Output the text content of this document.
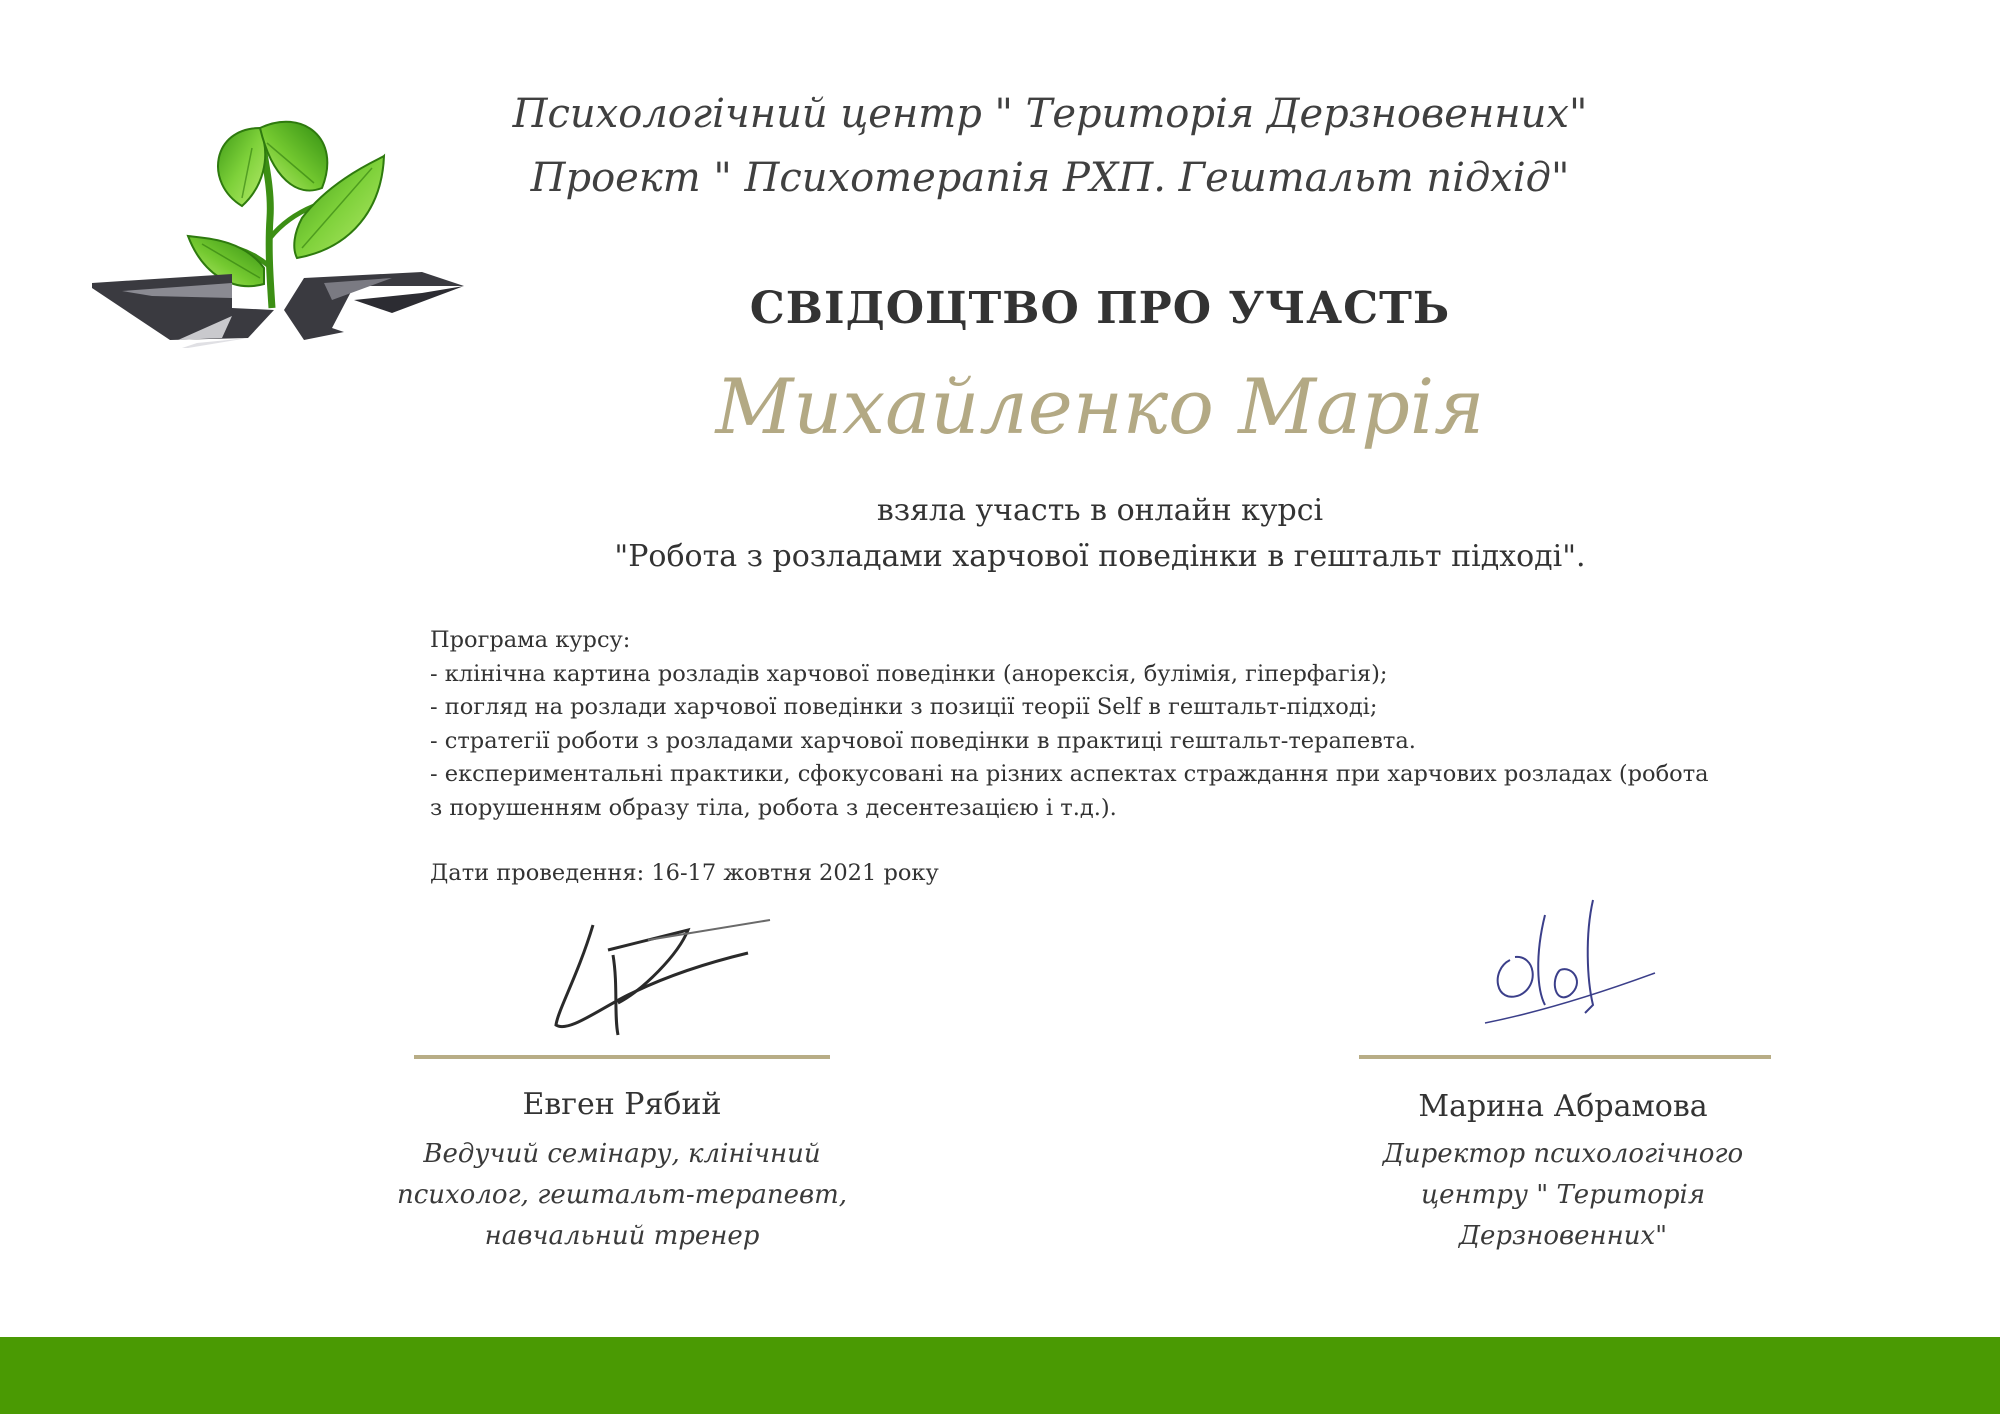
Психологічний центр " Територія Дерзновенних"
Проект " Психотерапія РХП. Гештальт підхід"
СВІДОЦТВО ПРО УЧАСТЬ
Михайленко Марія
взяла участь в онлайн курсі
"Робота з розладами харчової поведінки в гештальт підході".
Програма курсу:
- клінічна картина розладів харчової поведінки (анорексія, булімія, гіперфагія);
- погляд на розлади харчової поведінки з позиції теорії Self в гештальт-підході;
- стратегії роботи з розладами харчової поведінки в практиці гештальт-терапевта.
- експериментальні практики, сфокусовані на різних аспектах страждання при харчових розладах (робота
з порушенням образу тіла, робота з десентезацією і т.д.).
Дати проведення: 16-17 жовтня 2021 року
Евген Рябий
Ведучий семінару, клінічний
психолог, гештальт-терапевт,
навчальний тренер
Марина Абрамова
Директор психологічного
центру " Територія
Дерзновенних"
